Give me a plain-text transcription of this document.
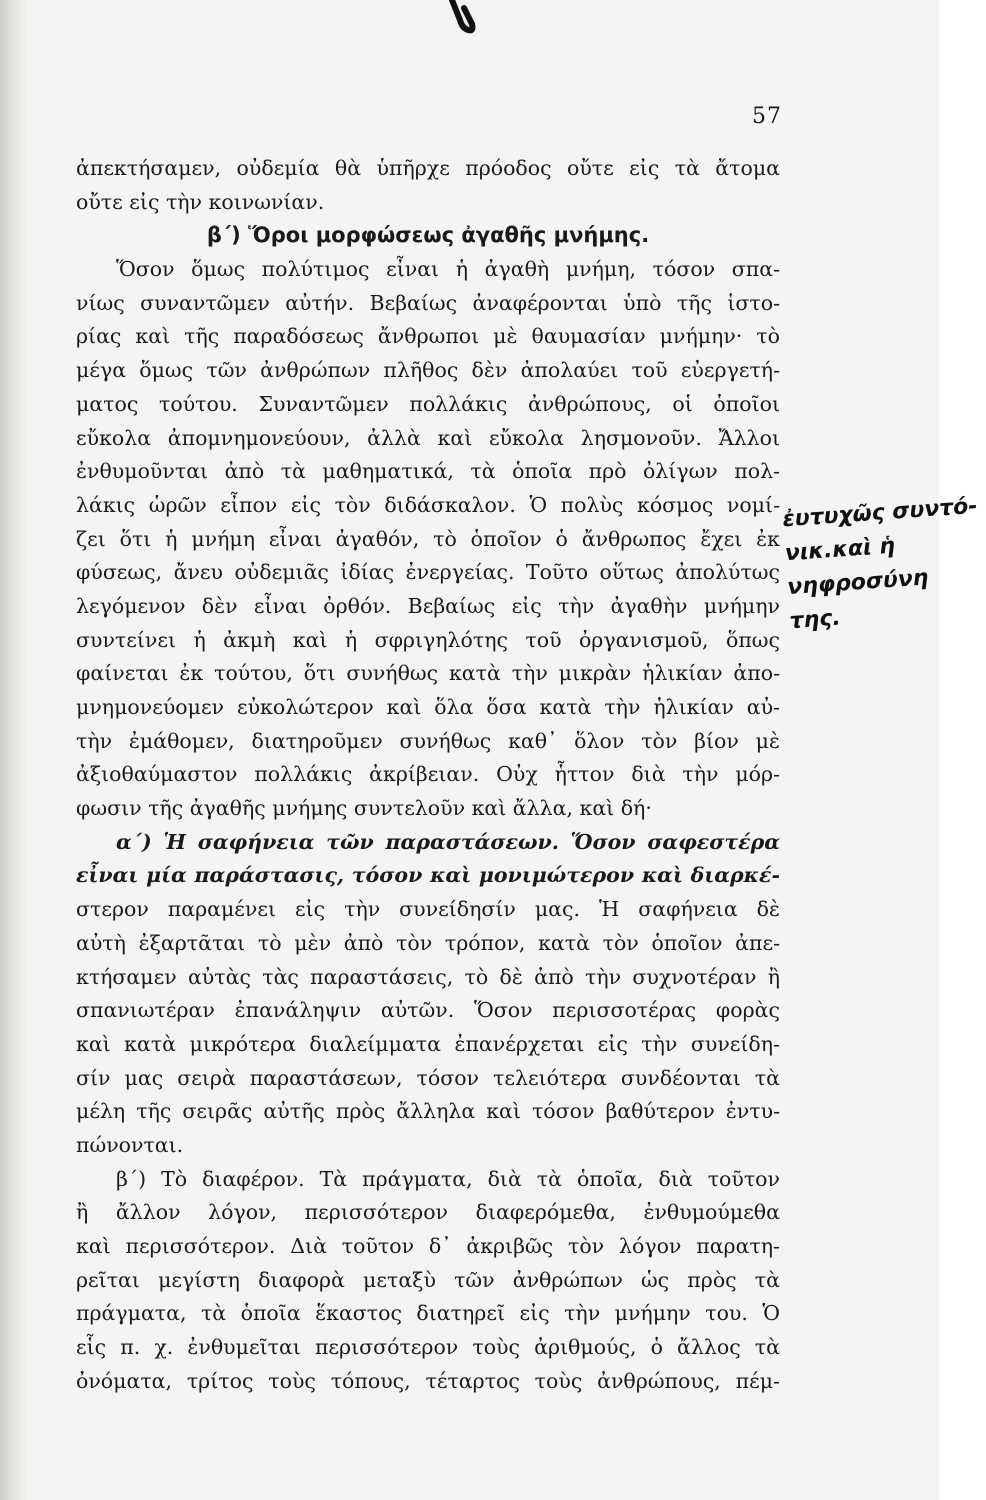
57
ἀπεκτήσαμεν, οὐδεμία θὰ ὑπῆρχε πρόοδος οὔτε εἰς τὰ ἄτομα
οὔτε εἰς τὴν κοινωνίαν.
β΄) Ὅροι μορφώσεως ἀγαθῆς μνήμης.
Ὅσον ὅμως πολύτιμος εἶναι ἡ ἀγαθὴ μνήμη, τόσον σπα-
νίως συναντῶμεν αὐτήν. Βεβαίως ἀναφέρονται ὑπὸ τῆς ἱστο-
ρίας καὶ τῆς παραδόσεως ἄνθρωποι μὲ θαυμασίαν μνήμην· τὸ
μέγα ὅμως τῶν ἀνθρώπων πλῆθος δὲν ἀπολαύει τοῦ εὐεργετή-
ματος τούτου. Συναντῶμεν πολλάκις ἀνθρώπους, οἱ ὁποῖοι
εὔκολα ἀπομνημονεύουν, ἀλλὰ καὶ εὔκολα λησμονοῦν. Ἄλλοι
ἐνθυμοῦνται ἀπὸ τὰ μαθηματικά, τὰ ὁποῖα πρὸ ὀλίγων πολ-
λάκις ὡρῶν εἶπον εἰς τὸν διδάσκαλον. Ὁ πολὺς κόσμος νομί-
ζει ὅτι ἡ μνήμη εἶναι ἀγαθόν, τὸ ὁποῖον ὁ ἄνθρωπος ἔχει ἐκ
φύσεως, ἄνευ οὐδεμιᾶς ἰδίας ἐνεργείας. Τοῦτο οὕτως ἀπολύτως
λεγόμενον δὲν εἶναι ὀρθόν. Βεβαίως εἰς τὴν ἀγαθὴν μνήμην
συντείνει ἡ ἀκμὴ καὶ ἡ σφριγηλότης τοῦ ὀργανισμοῦ, ὅπως
φαίνεται ἐκ τούτου, ὅτι συνήθως κατὰ τὴν μικρὰν ἡλικίαν ἀπο-
μνημονεύομεν εὐκολώτερον καὶ ὅλα ὅσα κατὰ τὴν ἡλικίαν αὐ-
τὴν ἐμάθομεν, διατηροῦμεν συνήθως καθ᾽ ὅλον τὸν βίον μὲ
ἀξιοθαύμαστον πολλάκις ἀκρίβειαν. Οὐχ ἧττον διὰ τὴν μόρ-
φωσιν τῆς ἀγαθῆς μνήμης συντελοῦν καὶ ἄλλα, καὶ δή·
α΄) Ἡ σαφήνεια τῶν παραστάσεων. Ὅσον σαφεστέρα
εἶναι μία παράστασις, τόσον καὶ μονιμώτερον καὶ διαρκέ-
στερον παραμένει εἰς τὴν συνείδησίν μας. Ἡ σαφήνεια δὲ
αὐτὴ ἐξαρτᾶται τὸ μὲν ἀπὸ τὸν τρόπον, κατὰ τὸν ὁποῖον ἀπε-
κτήσαμεν αὐτὰς τὰς παραστάσεις, τὸ δὲ ἀπὸ τὴν συχνοτέραν ἢ
σπανιωτέραν ἐπανάληψιν αὐτῶν. Ὅσον περισσοτέρας φορὰς
καὶ κατὰ μικρότερα διαλείμματα ἐπανέρχεται εἰς τὴν συνείδη-
σίν μας σειρὰ παραστάσεων, τόσον τελειότερα συνδέονται τὰ
μέλη τῆς σειρᾶς αὐτῆς πρὸς ἄλληλα καὶ τόσον βαθύτερον ἐντυ-
πώνονται.
β΄) Τὸ διαφέρον. Τὰ πράγματα, διὰ τὰ ὁποῖα, διὰ τοῦτον
ἢ ἄλλον λόγον, περισσότερον διαφερόμεθα, ἐνθυμούμεθα
καὶ περισσότερον. Διὰ τοῦτον δ᾽ ἀκριβῶς τὸν λόγον παρατη-
ρεῖται μεγίστη διαφορὰ μεταξὺ τῶν ἀνθρώπων ὡς πρὸς τὰ
πράγματα, τὰ ὁποῖα ἕκαστος διατηρεῖ εἰς τὴν μνήμην του. Ὁ
εἷς π. χ. ἐνθυμεῖται περισσότερον τοὺς ἀριθμούς, ὁ ἄλλος τὰ
ὀνόματα, τρίτος τοὺς τόπους, τέταρτος τοὺς ἀνθρώπους, πέμ-
ἐυτυχῶς συντό-
νικ.καὶ ἡ
νηφροσύνη
της.
